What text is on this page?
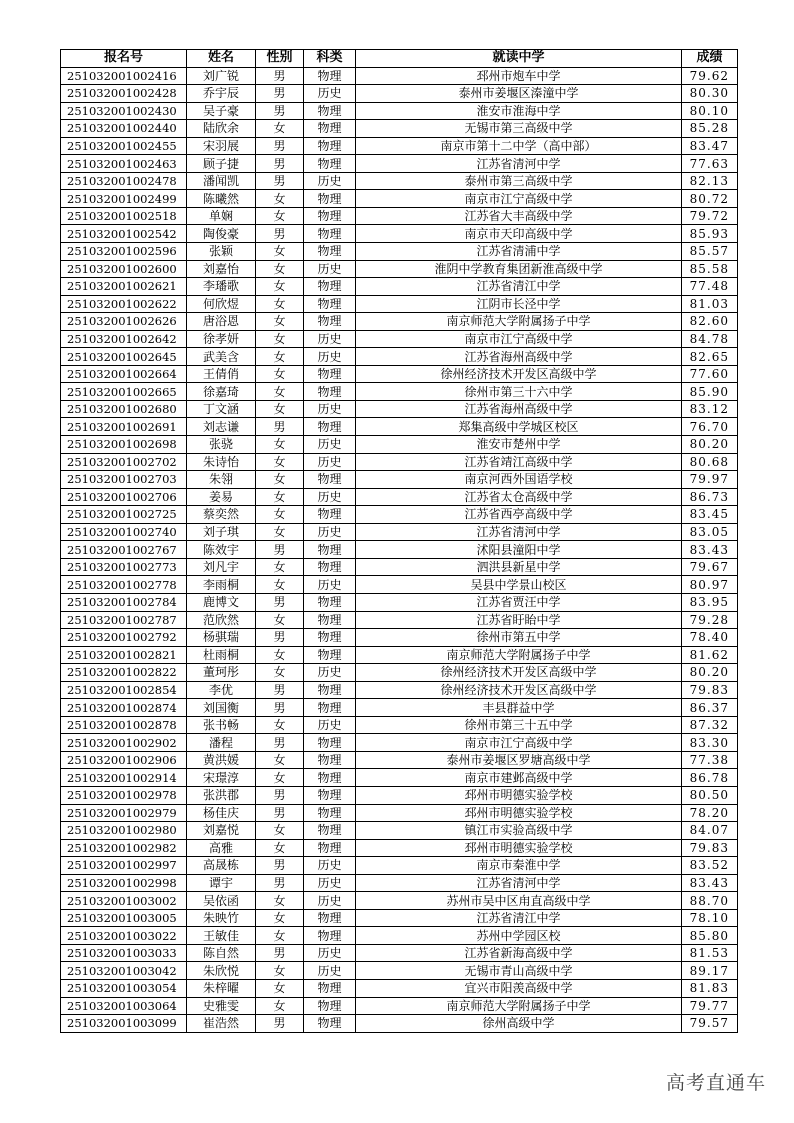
报名号	姓名	性别	科类	就读中学	成绩
251032001002416	刘广锐	男	物理	邳州市炮车中学	79.62
251032001002428	乔宇辰	男	历史	泰州市姜堰区溱潼中学	80.30
251032001002430	吴子豪	男	物理	淮安市淮海中学	80.10
251032001002440	陆欣余	女	物理	无锡市第三高级中学	85.28
251032001002455	宋羽展	男	物理	南京市第十二中学（高中部）	83.47
251032001002463	顾子捷	男	物理	江苏省清河中学	77.63
251032001002478	潘闻凯	男	历史	泰州市第三高级中学	82.13
251032001002499	陈曦然	女	物理	南京市江宁高级中学	80.72
251032001002518	单娴	女	物理	江苏省大丰高级中学	79.72
251032001002542	陶俊豪	男	物理	南京市天印高级中学	85.93
251032001002596	张颖	女	物理	江苏省清浦中学	85.57
251032001002600	刘嘉怡	女	历史	淮阴中学教育集团新淮高级中学	85.58
251032001002621	李璠歌	女	物理	江苏省清江中学	77.48
251032001002622	何欣煜	女	物理	江阴市长泾中学	81.03
251032001002626	唐浴恩	女	物理	南京师范大学附属扬子中学	82.60
251032001002642	徐孝妍	女	历史	南京市江宁高级中学	84.78
251032001002645	武美含	女	历史	江苏省海州高级中学	82.65
251032001002664	王倩俏	女	物理	徐州经济技术开发区高级中学	77.60
251032001002665	徐嘉琦	女	物理	徐州市第三十六中学	85.90
251032001002680	丁文涵	女	历史	江苏省海州高级中学	83.12
251032001002691	刘志谦	男	物理	郑集高级中学城区校区	76.70
251032001002698	张骁	女	历史	淮安市楚州中学	80.20
251032001002702	朱诗怡	女	历史	江苏省靖江高级中学	80.68
251032001002703	朱翎	女	物理	南京河西外国语学校	79.97
251032001002706	姜易	女	历史	江苏省太仓高级中学	86.73
251032001002725	蔡奕然	女	物理	江苏省西亭高级中学	83.45
251032001002740	刘子琪	女	历史	江苏省清河中学	83.05
251032001002767	陈效宇	男	物理	沭阳县潼阳中学	83.43
251032001002773	刘凡宇	女	物理	泗洪县新星中学	79.67
251032001002778	李雨桐	女	历史	吴县中学景山校区	80.97
251032001002784	鹿博文	男	物理	江苏省贾汪中学	83.95
251032001002787	范欣然	女	物理	江苏省盱眙中学	79.28
251032001002792	杨骐瑞	男	物理	徐州市第五中学	78.40
251032001002821	杜雨桐	女	物理	南京师范大学附属扬子中学	81.62
251032001002822	董珂彤	女	历史	徐州经济技术开发区高级中学	80.20
251032001002854	李优	男	物理	徐州经济技术开发区高级中学	79.83
251032001002874	刘国衡	男	物理	丰县群益中学	86.37
251032001002878	张书畅	女	历史	徐州市第三十五中学	87.32
251032001002902	潘程	男	物理	南京市江宁高级中学	83.30
251032001002906	黄洪媛	女	物理	泰州市姜堰区罗塘高级中学	77.38
251032001002914	宋璟淳	女	物理	南京市建邺高级中学	86.78
251032001002978	张洪郡	男	物理	邳州市明德实验学校	80.50
251032001002979	杨佳庆	男	物理	邳州市明德实验学校	78.20
251032001002980	刘嘉悦	女	物理	镇江市实验高级中学	84.07
251032001002982	高雅	女	物理	邳州市明德实验学校	79.83
251032001002997	高晟栋	男	历史	南京市秦淮中学	83.52
251032001002998	谭宇	男	历史	江苏省清河中学	83.43
251032001003002	吴依函	女	历史	苏州市吴中区甪直高级中学	88.70
251032001003005	朱映竹	女	物理	江苏省清江中学	78.10
251032001003022	王敏佳	女	物理	苏州中学园区校	85.80
251032001003033	陈自然	男	历史	江苏省新海高级中学	81.53
251032001003042	朱欣悦	女	历史	无锡市青山高级中学	89.17
251032001003054	朱梓曜	女	物理	宜兴市阳羡高级中学	81.83
251032001003064	史雅雯	女	物理	南京师范大学附属扬子中学	79.77
251032001003099	崔浩然	男	物理	徐州高级中学	79.57
高考直通车
